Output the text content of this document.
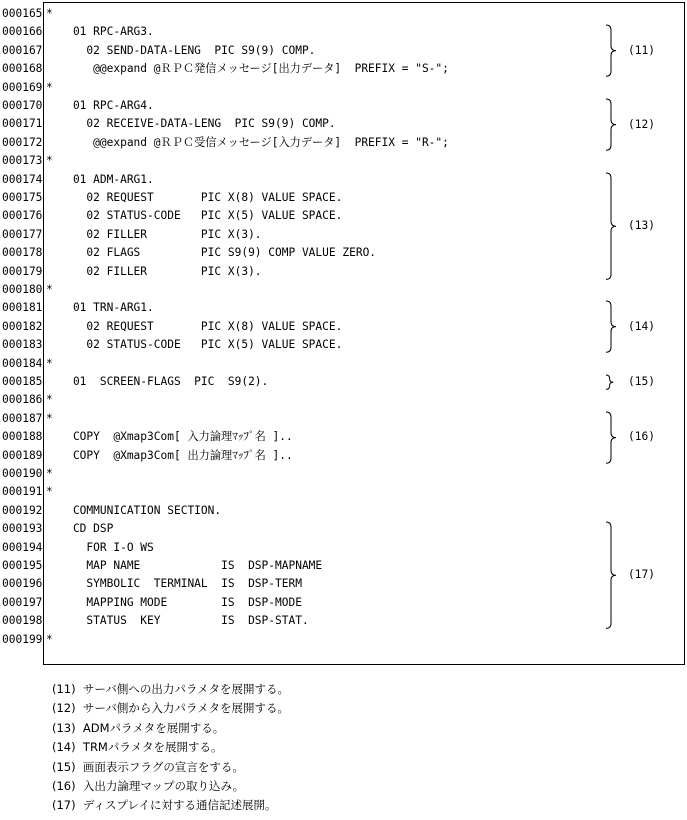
000165 *
000166 01 RPC-ARG3.
000167 02 SEND-DATA-LENG  PIC S9(9) COMP.
000168 @@expand @ＲＰＣ発信メッセージ[出力データ]  PREFIX = "S-";
000169 *
000170 01 RPC-ARG4.
000171 02 RECEIVE-DATA-LENG  PIC S9(9) COMP.
000172 @@expand @ＲＰＣ受信メッセージ[入力データ]  PREFIX = "R-";
000173 *
000174 01 ADM-ARG1.
000175 02 REQUEST       PIC X(8) VALUE SPACE.
000176 02 STATUS-CODE   PIC X(5) VALUE SPACE.
000177 02 FILLER        PIC X(3).
000178 02 FLAGS         PIC S9(9) COMP VALUE ZERO.
000179 02 FILLER        PIC X(3).
000180 *
000181 01 TRN-ARG1.
000182 02 REQUEST       PIC X(8) VALUE SPACE.
000183 02 STATUS-CODE   PIC X(5) VALUE SPACE.
000184 *
000185 01  SCREEN-FLAGS  PIC  S9(2).
000186 *
000187 *
000188 COPY  @Xmap3Com[ 入力論理ﾏｯﾌﾟ名 ]..
000189 COPY  @Xmap3Com[ 出力論理ﾏｯﾌﾟ名 ]..
000190 *
000191 *
000192 COMMUNICATION SECTION.
000193 CD DSP
000194 FOR I-O WS
000195 MAP NAME            IS  DSP-MAPNAME
000196 SYMBOLIC  TERMINAL  IS  DSP-TERM
000197 MAPPING MODE        IS  DSP-MODE
000198 STATUS  KEY         IS  DSP-STAT.
000199 *
(11)
(12)
(13)
(14)
(15)
(16)
(17)
(11)  サーバ側への出力パラメタを展開する。
(12)  サーバ側から入力パラメタを展開する。
(13)  ADMパラメタを展開する。
(14)  TRMパラメタを展開する。
(15)  画面表示フラグの宣言をする。
(16)  入出力論理マップの取り込み。
(17)  ディスプレイに対する通信記述展開。
